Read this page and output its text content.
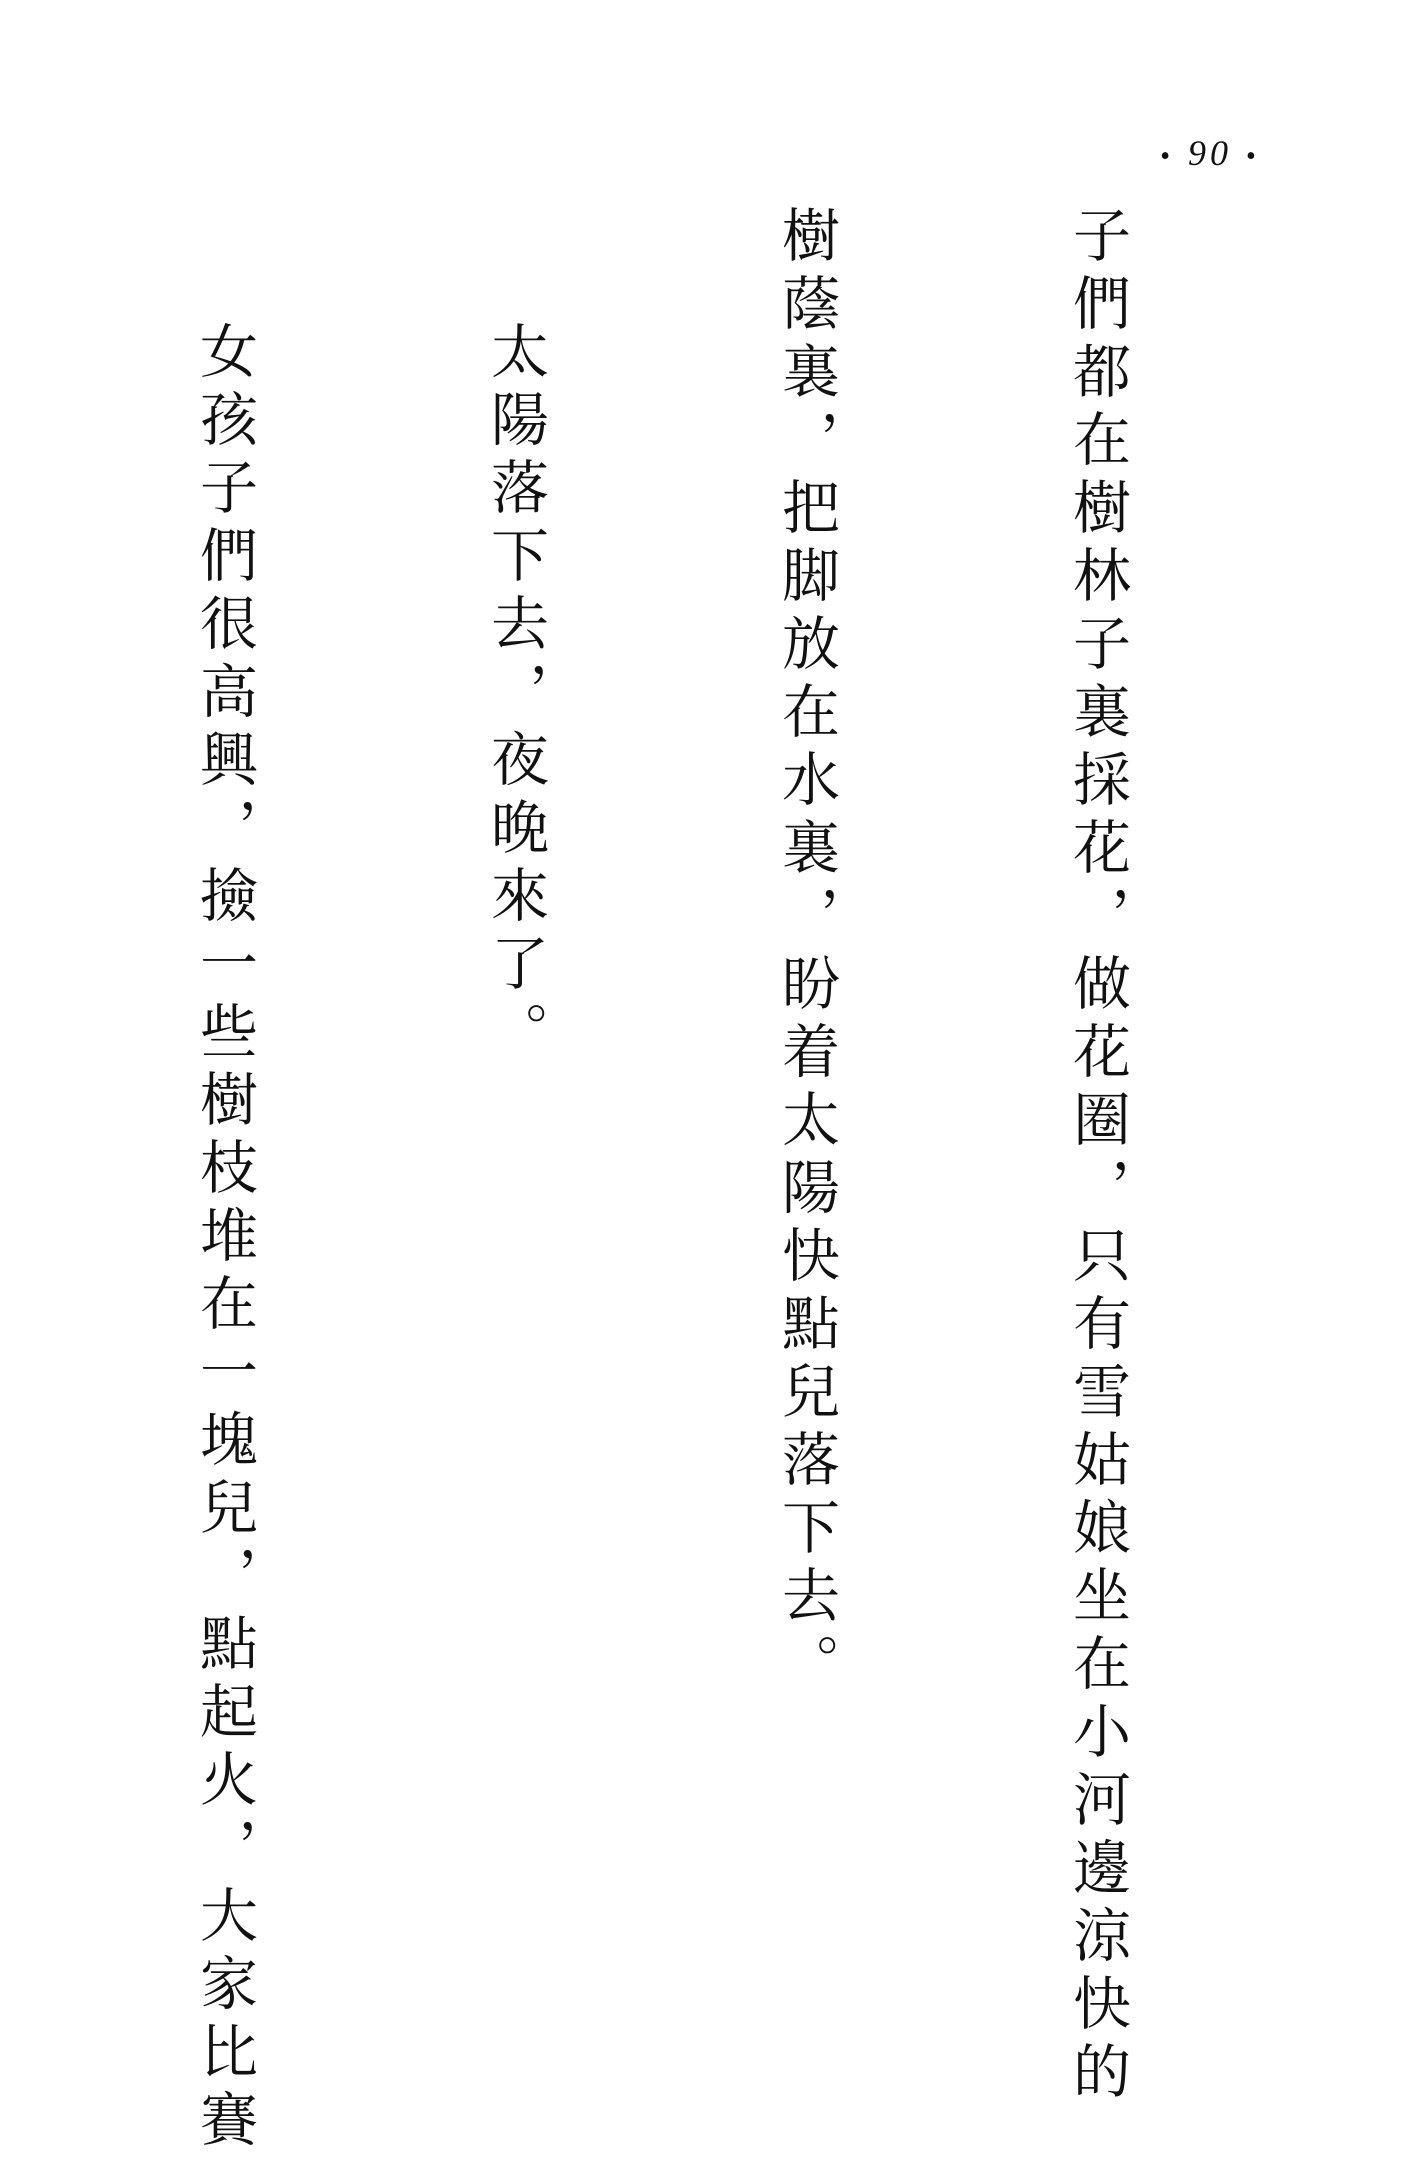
• 90 •

子們都在樹林子裏採花，做花圈，只有雪姑娘坐在小河邊涼快的

樹蔭裏，把脚放在水裏，盼着太陽快點兒落下去。

太陽落下去，夜晚來了。

女孩子們很高興，撿一些樹枝堆在一塊兒，點起火，大家比賽
